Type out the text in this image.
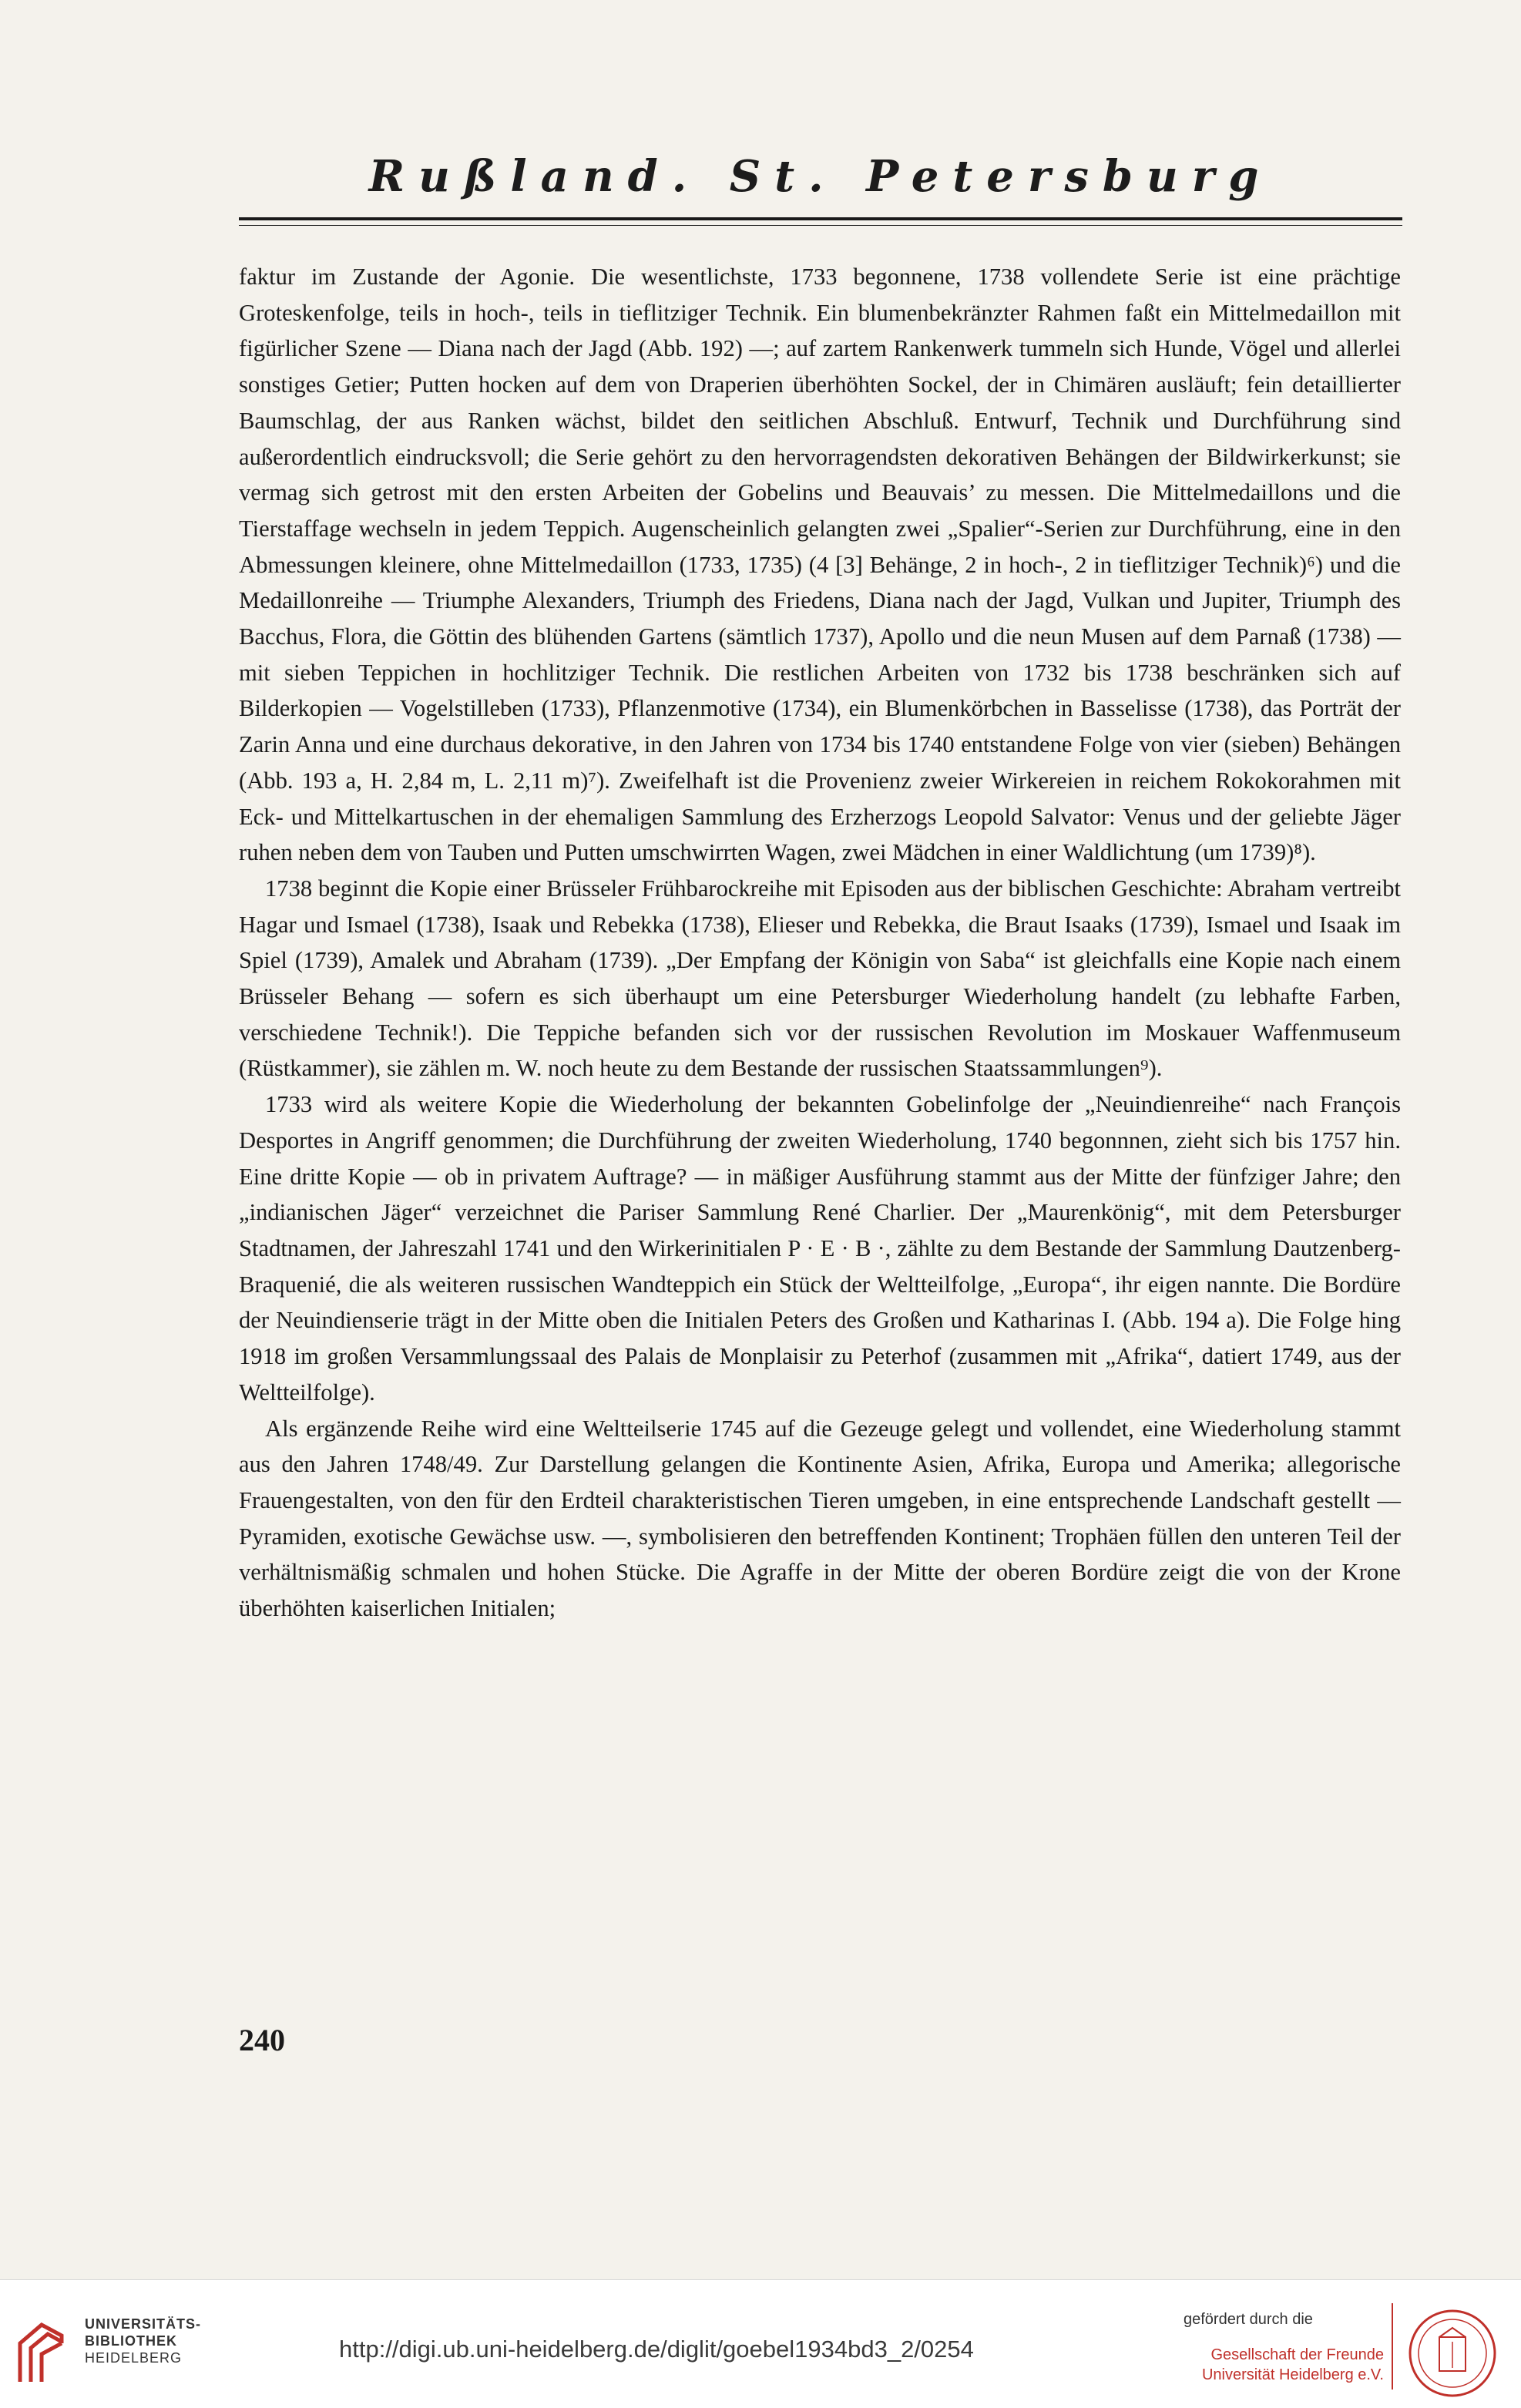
Rußland. St. Petersburg

faktur im Zustande der Agonie. Die wesentlichste, 1733 begonnene, 1738 vollendete Serie ist eine prächtige Groteskenfolge, teils in hoch-, teils in tieflitziger Technik. Ein blumenbekränzter Rahmen faßt ein Mittelmedaillon mit figürlicher Szene — Diana nach der Jagd (Abb. 192) —; auf zartem Rankenwerk tummeln sich Hunde, Vögel und allerlei sonstiges Getier; Putten hocken auf dem von Draperien überhöhten Sockel, der in Chimären ausläuft; fein detaillierter Baumschlag, der aus Ranken wächst, bildet den seitlichen Abschluß. Entwurf, Technik und Durchführung sind außerordentlich eindrucksvoll; die Serie gehört zu den hervorragendsten dekorativen Behängen der Bildwirkerkunst; sie vermag sich getrost mit den ersten Arbeiten der Gobelins und Beauvais’ zu messen. Die Mittelmedaillons und die Tierstaffage wechseln in jedem Teppich. Augenscheinlich gelangten zwei „Spalier“-Serien zur Durchführung, eine in den Abmessungen kleinere, ohne Mittelmedaillon (1733, 1735) (4 [3] Behänge, 2 in hoch-, 2 in tieflitziger Technik)⁶) und die Medaillonreihe — Triumphe Alexanders, Triumph des Friedens, Diana nach der Jagd, Vulkan und Jupiter, Triumph des Bacchus, Flora, die Göttin des blühenden Gartens (sämtlich 1737), Apollo und die neun Musen auf dem Parnaß (1738) — mit sieben Teppichen in hochlitziger Technik. Die restlichen Arbeiten von 1732 bis 1738 beschränken sich auf Bilderkopien — Vogelstilleben (1733), Pflanzenmotive (1734), ein Blumenkörbchen in Basselisse (1738), das Porträt der Zarin Anna und eine durchaus dekorative, in den Jahren von 1734 bis 1740 entstandene Folge von vier (sieben) Behängen (Abb. 193 a, H. 2,84 m, L. 2,11 m)⁷). Zweifelhaft ist die Provenienz zweier Wirkereien in reichem Rokokorahmen mit Eck- und Mittelkartuschen in der ehemaligen Sammlung des Erzherzogs Leopold Salvator: Venus und der geliebte Jäger ruhen neben dem von Tauben und Putten umschwirrten Wagen, zwei Mädchen in einer Waldlichtung (um 1739)⁸).

1738 beginnt die Kopie einer Brüsseler Frühbarockreihe mit Episoden aus der biblischen Geschichte: Abraham vertreibt Hagar und Ismael (1738), Isaak und Rebekka (1738), Elieser und Rebekka, die Braut Isaaks (1739), Ismael und Isaak im Spiel (1739), Amalek und Abraham (1739). „Der Empfang der Königin von Saba“ ist gleichfalls eine Kopie nach einem Brüsseler Behang — sofern es sich überhaupt um eine Petersburger Wiederholung handelt (zu lebhafte Farben, verschiedene Technik!). Die Teppiche befanden sich vor der russischen Revolution im Moskauer Waffenmuseum (Rüstkammer), sie zählen m. W. noch heute zu dem Bestande der russischen Staatssammlungen⁹).

1733 wird als weitere Kopie die Wiederholung der bekannten Gobelinfolge der „Neuindienreihe“ nach François Desportes in Angriff genommen; die Durchführung der zweiten Wiederholung, 1740 begonnnen, zieht sich bis 1757 hin. Eine dritte Kopie — ob in privatem Auftrage? — in mäßiger Ausführung stammt aus der Mitte der fünfziger Jahre; den „indianischen Jäger“ verzeichnet die Pariser Sammlung René Charlier. Der „Maurenkönig“, mit dem Petersburger Stadtnamen, der Jahreszahl 1741 und den Wirkerinitialen P · E · B ·, zählte zu dem Bestande der Sammlung Dautzenberg-Braquenié, die als weiteren russischen Wandteppich ein Stück der Weltteilfolge, „Europa“, ihr eigen nannte. Die Bordüre der Neuindienserie trägt in der Mitte oben die Initialen Peters des Großen und Katharinas I. (Abb. 194 a). Die Folge hing 1918 im großen Versammlungssaal des Palais de Monplaisir zu Peterhof (zusammen mit „Afrika“, datiert 1749, aus der Weltteilfolge).

Als ergänzende Reihe wird eine Weltteilserie 1745 auf die Gezeuge gelegt und vollendet, eine Wiederholung stammt aus den Jahren 1748/49. Zur Darstellung gelangen die Kontinente Asien, Afrika, Europa und Amerika; allegorische Frauengestalten, von den für den Erdteil charakteristischen Tieren umgeben, in eine entsprechende Landschaft gestellt — Pyramiden, exotische Gewächse usw. —, symbolisieren den betreffenden Kontinent; Trophäen füllen den unteren Teil der verhältnismäßig schmalen und hohen Stücke. Die Agraffe in der Mitte der oberen Bordüre zeigt die von der Krone überhöhten kaiserlichen Initialen;

240
UNIVERSITÄTS-
BIBLIOTHEK
HEIDELBERG	http://digi.ub.uni-heidelberg.de/diglit/goebel1934bd3_2/0254
gefördert durch die
Gesellschaft der Freunde
Universität Heidelberg e.V.
